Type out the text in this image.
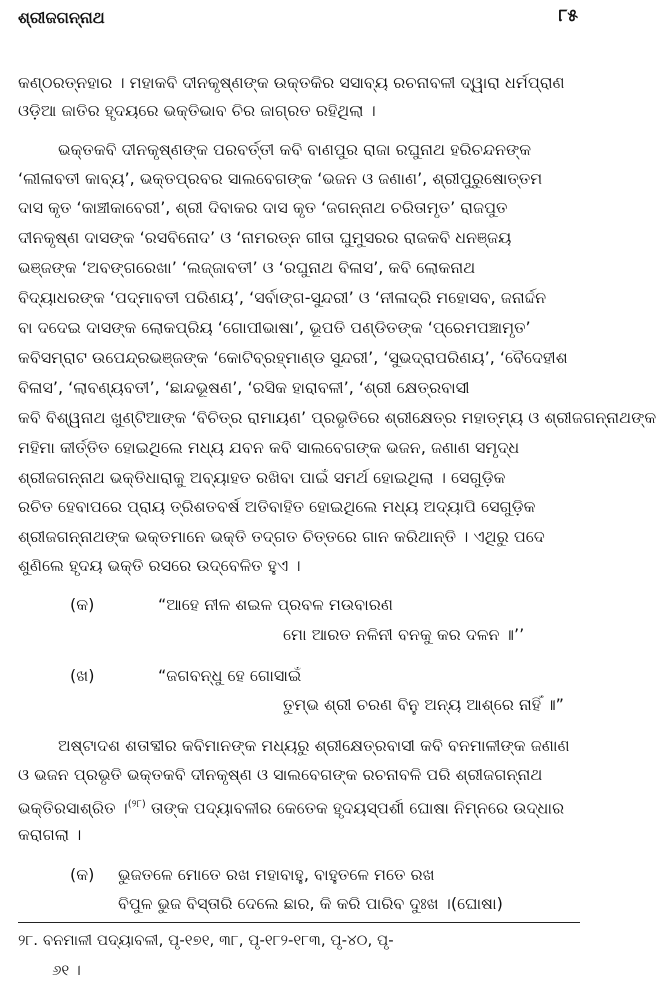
ଶ୍ରୀଜଗନ୍ନାଥ	୮୫
କଣ୍ଠରତ୍ନହାର । ମହାକବି ଦୀନକୃଷ୍ଣଙ୍କ ଉକ୍ତକିର ସସାବ୍ୟ ରଚନାବଳୀ ଦ୍ୱାରା ଧର୍ମପ୍ରାଣ
ଓଡ଼ିଆ ଜାତିର ହୃଦୟରେ ଭକ୍ତିଭାବ ଚିର ଜାଗ୍ରତ ରହିଥିଲା ।
ଭକ୍ତକବି ଦୀନକୃଷ୍ଣଙ୍କ ପରବର୍ତ୍ତୀ କବି ବାଣପୁର ରାଜା ରଘୁନାଥ ହରିଚନ୍ଦନଙ୍କ
‘ଲୀଳାବତୀ କାବ୍ୟ’, ଭକ୍ତପ୍ରବର ସାଲବେଗଙ୍କ ‘ଭଜନ ଓ ଜଣାଣ’, ଶ୍ରୀପୁରୁଷୋତ୍ତମ
ଦାସ କୃତ ‘କାଞ୍ଚୀକାବେରୀ’, ଶ୍ରୀ ଦିବାକର ଦାସ କୃତ ‘ଜଗନ୍ନାଥ ଚରିତାମୃତ’ ରାଜପୁତ
ଦୀନକୃଷ୍ଣ ଦାସଙ୍କ ‘ରସବିନୋଦ’ ଓ ‘ନାମରତ୍ନ ଗୀତା ଘୁମୁସରର ରାଜକବି ଧନଞ୍ଜୟ
ଭଞ୍ଜଙ୍କ ‘ଅବଙ୍ଗରେଖା’ ‘ଲଜ୍ଜାବତୀ’ ଓ ‘ରଘୁନାଥ ବିଳାସ’, କବି ଲୋକନାଥ
ବିଦ୍ୟାଧରଙ୍କ ‘ପଦ୍ମାବତୀ ପରିଣୟ’, ‘ସର୍ବାଙ୍ଗ-ସୁନ୍ଦରୀ’ ଓ ‘ନୀଳାଦ୍ରି ମହୋସବ, ଜନାର୍ଦ୍ଦନ
ବା ଦଦେଇ ଦାସଙ୍କ ଲୋକପ୍ରିୟ ‘ଗୋପୀଭାଷା’, ଭୂପତି ପଣ୍ଡିତଙ୍କ ‘ପ୍ରେମପଞ୍ଚାମୃତ’
କବିସମ୍ରାଟ ଉପେନ୍ଦ୍ରଭଞ୍ଜଙ୍କ ‘କୋଟିବ୍ରହ୍ମାଣ୍ଡ ସୁନ୍ଦରୀ’, ‘ସୁଭଦ୍ରାପରିଣୟ’, ‘ବୈଦେହୀଶ
ବିଳାସ’, ‘ଲାବଣ୍ୟବତୀ’, ‘ଛାନ୍ଦଭୂଷଣ’, ‘ରସିକ ହାରାବଳୀ’, ‘ଶ୍ରୀ କ୍ଷେତ୍ରବାସୀ
କବି ବିଶ୍ୱନାଥ ଖୁଣ୍ଟିଆଙ୍କ ‘ବିଚିତ୍ର ରାମାୟଣ’ ପ୍ରଭୃତିରେ ଶ୍ରୀକ୍ଷେତ୍ର ମହାତ୍ମ୍ୟ ଓ ଶ୍ରୀଜଗନ୍ନାଥଙ୍କ
ମହିମା କୀର୍ତ୍ତିତ ହୋଇଥିଲେ ମଧ୍ୟ ଯବନ କବି ସାଲବେଗଙ୍କ ଭଜନ, ଜଣାଣ ସମୃଦ୍ଧ
ଶ୍ରୀଜଗନ୍ନାଥ ଭକ୍ତିଧାରାକୁ ଅବ୍ୟାହତ ରଖିବା ପାଇଁ ସମର୍ଥ ହୋଇଥିଲା । ସେଗୁଡ଼ିକ
ରଚିତ ହେବାପରେ ପ୍ରାୟ ତ୍ରିଶତବର୍ଷ ଅତିବାହିତ ହୋଇଥିଲେ ମଧ୍ୟ ଅଦ୍ୟାପି ସେଗୁଡ଼ିକ
ଶ୍ରୀଜଗନ୍ନାଥଙ୍କ ଭକ୍ତମାନେ ଭକ୍ତି ତଦ୍‌ଗତ ଚିତ୍ତରେ ଗାନ କରିଥାନ୍ତି । ଏଥିରୁ ପଦେ
ଶୁଣିଲେ ହୃଦୟ ଭକ୍ତି ରସରେ ଉଦ୍‌ବେଳିତ ହୁଏ ।
(କ)	“ଆହେ ନୀଳ ଶଇଳ ପ୍ରବଳ ମଉବାରଣ
ମୋ ଆରତ ନଳିନୀ ବନକୁ କର ଦଳନ ॥’’
(ଖ)	“ଜଗବନ୍ଧୁ ହେ ଗୋସାଇଁ
ତୁମ୍ଭ ଶ୍ରୀ ଚରଣ ବିନୁ ଅନ୍ୟ ଆଶ୍ରେ ନାହିଁ ॥”
ଅଷ୍ଟାଦଶ ଶତାବ୍ଦୀର କବିମାନଙ୍କ ମଧ୍ୟରୁ ଶ୍ରୀକ୍ଷେତ୍ରବାସୀ କବି ବନମାଳୀଙ୍କ ଜଣାଣ
ଓ ଭଜନ ପ୍ରଭୃତି ଭକ୍ତକବି ଦୀନକୃଷ୍ଣ ଓ ସାଲବେଗଙ୍କ ରଚନାବଳି ପରି ଶ୍ରୀଜଗନ୍ନାଥ
ଭକ୍ତିରସାଶ୍ରିତ ।$^{(୨୮)}$ ତାଙ୍କ ପଦ୍ୟାବଳୀର କେତେକ ହୃଦୟସ୍ପର୍ଶୀ ଘୋଷା ନିମ୍ନରେ ଉଦ୍ଧାର
କରାଗଲା ।
(କ) ଭୁଜତଳେ ମୋତେ ରଖ ମହାବାହୁ, ବାହୁତଳେ ମତେ ରଖ
ବିପୁଳ ଭୁଜ ବିସ୍ତାରି ଦେଲେ ଛାର, କି କରି ପାରିବ ଦୁଃଖ ।(ଘୋଷା)
୨୮. ବନମାଳୀ ପଦ୍ୟାବଳୀ, ପୃ-୧୭୧, ୩୮, ପୃ-୧୮୨-୧୮୩, ପୃ-୪୦, ପୃ-
୬୧ ।
